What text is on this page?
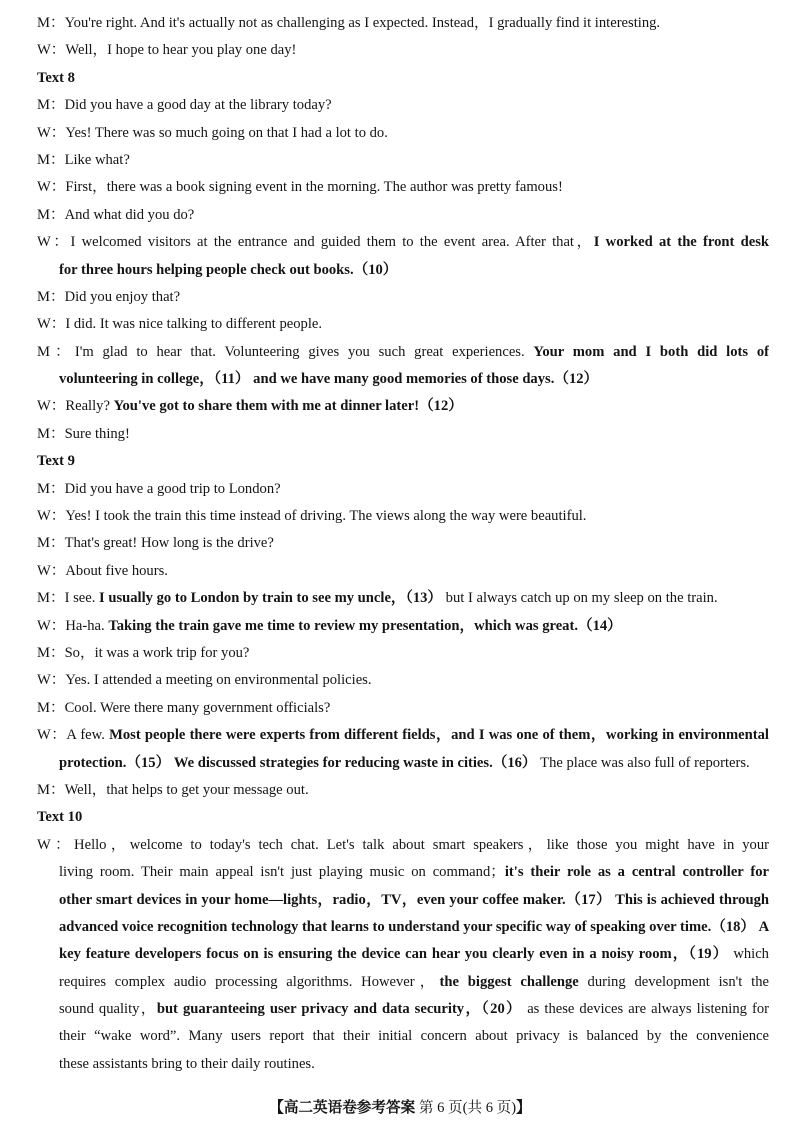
M：You're right. And it's actually not as challenging as I expected. Instead，I gradually find it interesting.
W：Well，I hope to hear you play one day!
Text 8
M：Did you have a good day at the library today?
W：Yes! There was so much going on that I had a lot to do.
M：Like what?
W：First，there was a book signing event in the morning. The author was pretty famous!
M：And what did you do?
W：I welcomed visitors at the entrance and guided them to the event area. After that，I worked at the front desk
for three hours helping people check out books.（10）
M：Did you enjoy that?
W：I did. It was nice talking to different people.
M：I'm glad to hear that. Volunteering gives you such great experiences. Your mom and I both did lots of
volunteering in college，（11） and we have many good memories of those days.（12）
W：Really? You've got to share them with me at dinner later!（12）
M：Sure thing!
Text 9
M：Did you have a good trip to London?
W：Yes! I took the train this time instead of driving. The views along the way were beautiful.
M：That's great! How long is the drive?
W：About five hours.
M：I see. I usually go to London by train to see my uncle，（13） but I always catch up on my sleep on the train.
W：Ha-ha. Taking the train gave me time to review my presentation，which was great.（14）
M：So，it was a work trip for you?
W：Yes. I attended a meeting on environmental policies.
M：Cool. Were there many government officials?
W：A few. Most people there were experts from different fields，and I was one of them，working in environmental
protection.（15） We discussed strategies for reducing waste in cities.（16） The place was also full of reporters.
M：Well，that helps to get your message out.
Text 10
W：Hello，welcome to today's tech chat. Let's talk about smart speakers，like those you might have in your
living room. Their main appeal isn't just playing music on command；it's their role as a central controller for
other smart devices in your home—lights，radio，TV，even your coffee maker.（17） This is achieved through
advanced voice recognition technology that learns to understand your specific way of speaking over time.（18） A
key feature developers focus on is ensuring the device can hear you clearly even in a noisy room，（19） which
requires complex audio processing algorithms. However，the biggest challenge during development isn't the
sound quality，but guaranteeing user privacy and data security，（20） as these devices are always listening for
their “wake word”. Many users report that their initial concern about privacy is balanced by the convenience
these assistants bring to their daily routines.
【高二英语卷参考答案 第 6 页(共 6 页)】
